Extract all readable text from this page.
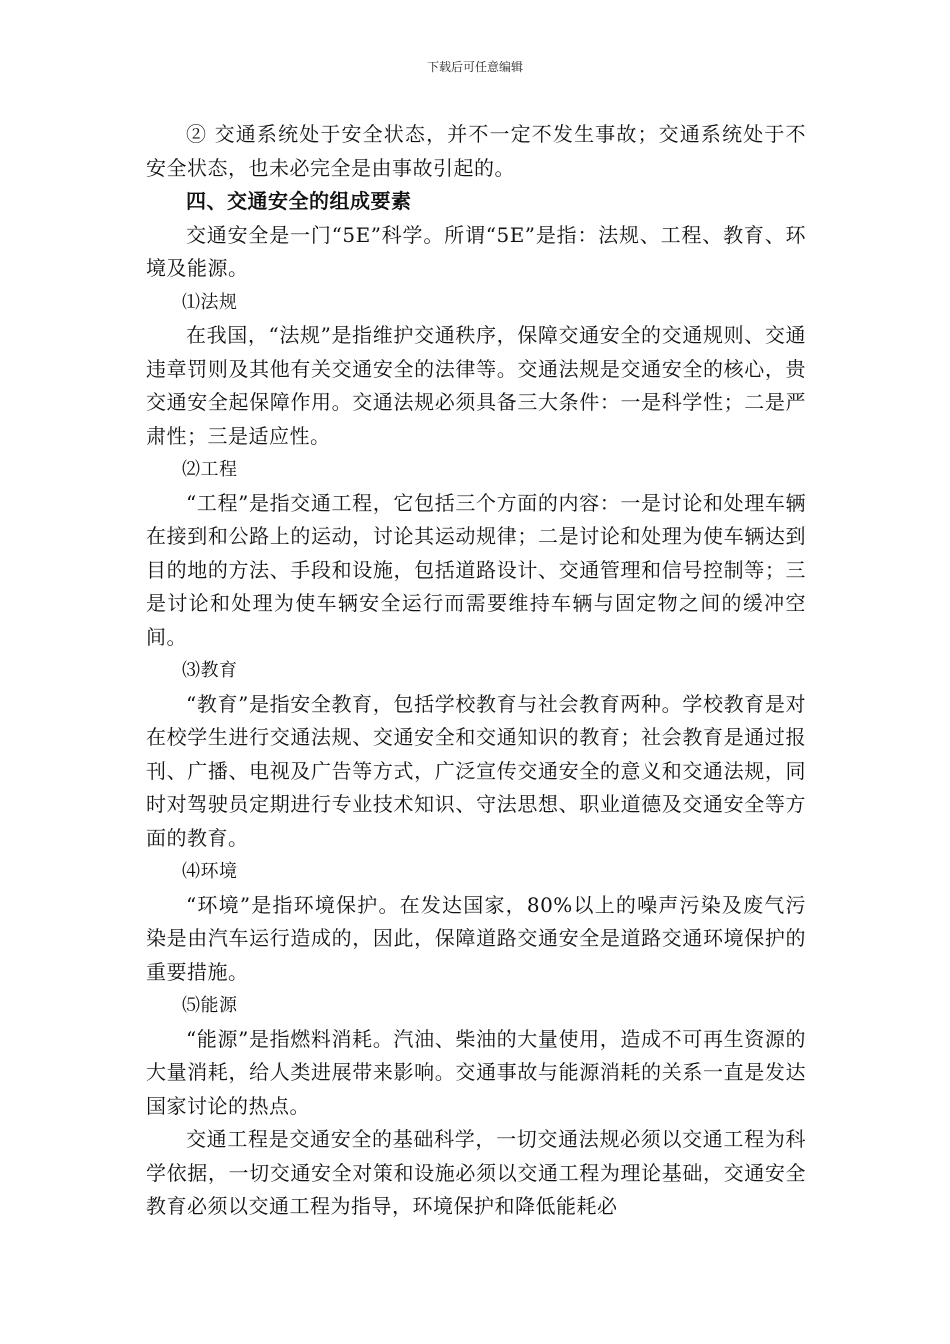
下载后可任意编辑

② 交通系统处于安全状态，并不一定不发生事故；交通系统处于不安全状态，也未必完全是由事故引起的。

四、交通安全的组成要素

交通安全是一门“5E”科学。所谓“5E”是指：法规、工程、教育、环境及能源。

⑴法规

在我国，“法规”是指维护交通秩序，保障交通安全的交通规则、交通违章罚则及其他有关交通安全的法律等。交通法规是交通安全的核心，贵交通安全起保障作用。交通法规必须具备三大条件：一是科学性；二是严肃性；三是适应性。

⑵工程

“工程”是指交通工程，它包括三个方面的内容：一是讨论和处理车辆在接到和公路上的运动，讨论其运动规律；二是讨论和处理为使车辆达到目的地的方法、手段和设施，包括道路设计、交通管理和信号控制等；三是讨论和处理为使车辆安全运行而需要维持车辆与固定物之间的缓冲空间。

⑶教育

“教育”是指安全教育，包括学校教育与社会教育两种。学校教育是对在校学生进行交通法规、交通安全和交通知识的教育；社会教育是通过报刊、广播、电视及广告等方式，广泛宣传交通安全的意义和交通法规，同时对驾驶员定期进行专业技术知识、守法思想、职业道德及交通安全等方面的教育。

⑷环境

“环境”是指环境保护。在发达国家，80%以上的噪声污染及废气污染是由汽车运行造成的，因此，保障道路交通安全是道路交通环境保护的重要措施。

⑸能源

“能源”是指燃料消耗。汽油、柴油的大量使用，造成不可再生资源的大量消耗，给人类进展带来影响。交通事故与能源消耗的关系一直是发达国家讨论的热点。

交通工程是交通安全的基础科学，一切交通法规必须以交通工程为科学依据，一切交通安全对策和设施必须以交通工程为理论基础，交通安全教育必须以交通工程为指导，环境保护和降低能耗必
